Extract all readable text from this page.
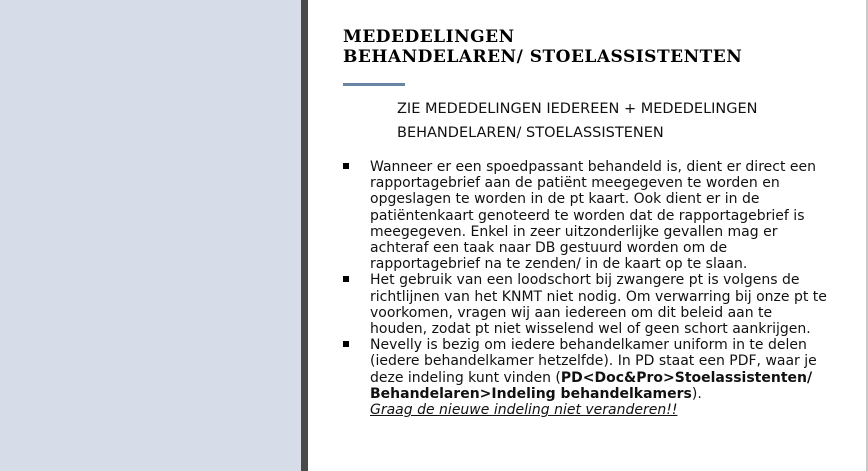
MEDEDELINGEN
BEHANDELAREN/ STOELASSISTENTEN
ZIE MEDEDELINGEN IEDEREEN + MEDEDELINGEN
BEHANDELAREN/ STOELASSISTENEN
Wanneer er een spoedpassant behandeld is, dient er direct een rapportagebrief aan de patiënt meegegeven te worden en opgeslagen te worden in de pt kaart. Ook dient er in de patiëntenkaart genoteerd te worden dat de rapportagebrief is meegegeven. Enkel in zeer uitzonderlijke gevallen mag er achteraf een taak naar DB gestuurd worden om de rapportagebrief na te zenden/ in de kaart op te slaan.
Het gebruik van een loodschort bij zwangere pt is volgens de richtlijnen van het KNMT niet nodig. Om verwarring bij onze pt te voorkomen, vragen wij aan iedereen om dit beleid aan te houden, zodat pt niet wisselend wel of geen schort aankrijgen.
Nevelly is bezig om iedere behandelkamer uniform in te delen (iedere behandelkamer hetzelfde). In PD staat een PDF, waar je deze indeling kunt vinden (PD<Doc&Pro>Stoelassistenten/ Behandelaren>Indeling behandelkamers).
Graag de nieuwe indeling niet veranderen!!
